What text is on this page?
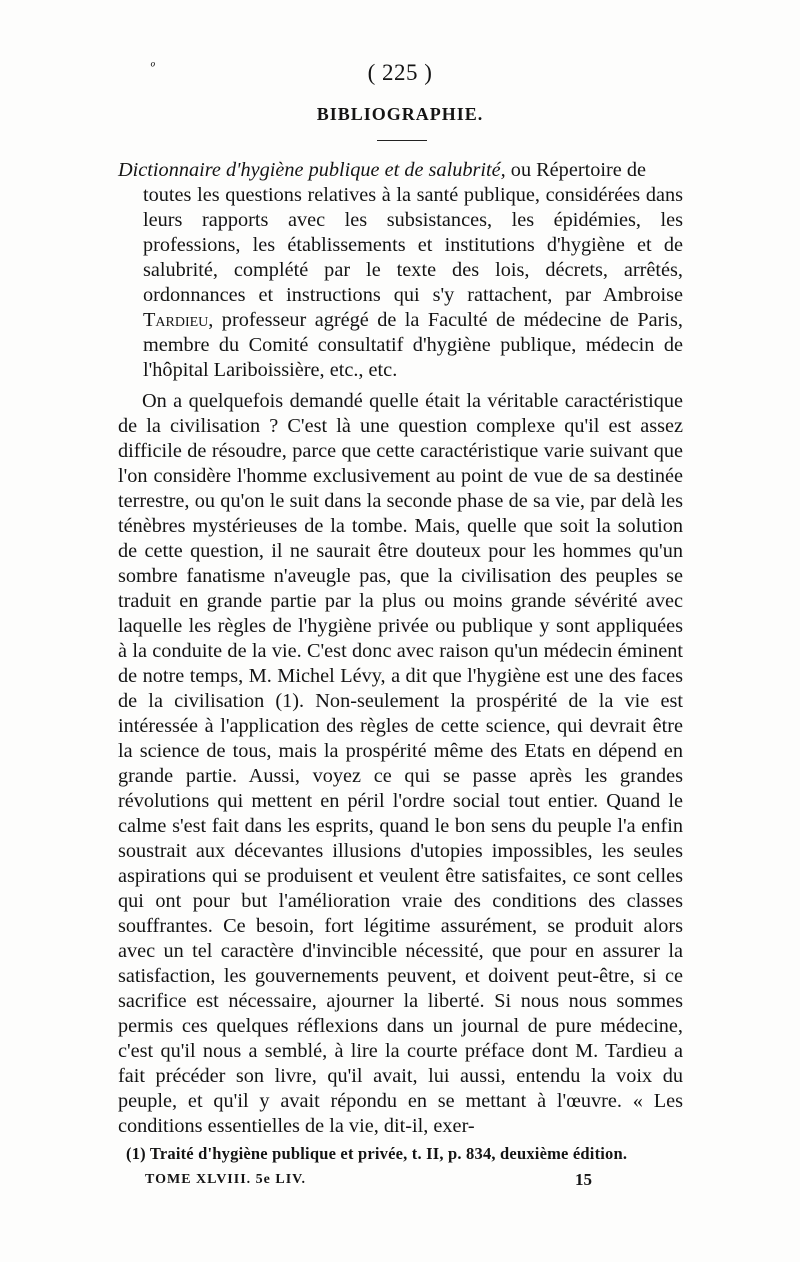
º	( 225 )
BIBLIOGRAPHIE.

Dictionnaire d'hygiène publique et de salubrité, ou Répertoire de
toutes les questions relatives à la santé publique, considérées dans leurs rapports avec les subsistances, les épidémies, les professions, les établissements et institutions d'hygiène et de salubrité, complété par le texte des lois, décrets, arrêtés, ordonnances et instructions qui s'y rattachent, par Ambroise Tardieu, professeur agrégé de la Faculté de médecine de Paris, membre du Comité consultatif d'hygiène publique, médecin de l'hôpital Lariboissière, etc., etc.

On a quelquefois demandé quelle était la véritable caractéristique de la civilisation ? C'est là une question complexe qu'il est assez difficile de résoudre, parce que cette caractéristique varie suivant que l'on considère l'homme exclusivement au point de vue de sa destinée terrestre, ou qu'on le suit dans la seconde phase de sa vie, par delà les ténèbres mystérieuses de la tombe. Mais, quelle que soit la solution de cette question, il ne saurait être douteux pour les hommes qu'un sombre fanatisme n'aveugle pas, que la civilisation des peuples se traduit en grande partie par la plus ou moins grande sévérité avec laquelle les règles de l'hygiène privée ou publique y sont appliquées à la conduite de la vie. C'est donc avec raison qu'un médecin éminent de notre temps, M. Michel Lévy, a dit que l'hygiène est une des faces de la civilisation (1). Non-seulement la prospérité de la vie est intéressée à l'application des règles de cette science, qui devrait être la science de tous, mais la prospérité même des Etats en dépend en grande partie. Aussi, voyez ce qui se passe après les grandes révolutions qui mettent en péril l'ordre social tout entier. Quand le calme s'est fait dans les esprits, quand le bon sens du peuple l'a enfin soustrait aux décevantes illusions d'utopies impossibles, les seules aspirations qui se produisent et veulent être satisfaites, ce sont celles qui ont pour but l'amélioration vraie des conditions des classes souffrantes. Ce besoin, fort légitime assurément, se produit alors avec un tel caractère d'invincible nécessité, que pour en assurer la satisfaction, les gouvernements peuvent, et doivent peut-être, si ce sacrifice est nécessaire, ajourner la liberté. Si nous nous sommes permis ces quelques réflexions dans un journal de pure médecine, c'est qu'il nous a semblé, à lire la courte préface dont M. Tardieu a fait précéder son livre, qu'il avait, lui aussi, entendu la voix du peuple, et qu'il y avait répondu en se mettant à l'œuvre. « Les conditions essentielles de la vie, dit-il, exer-

(1) Traité d'hygiène publique et privée, t. II, p. 834, deuxième édition.
TOME XLVIII. 5e LIV.	15
